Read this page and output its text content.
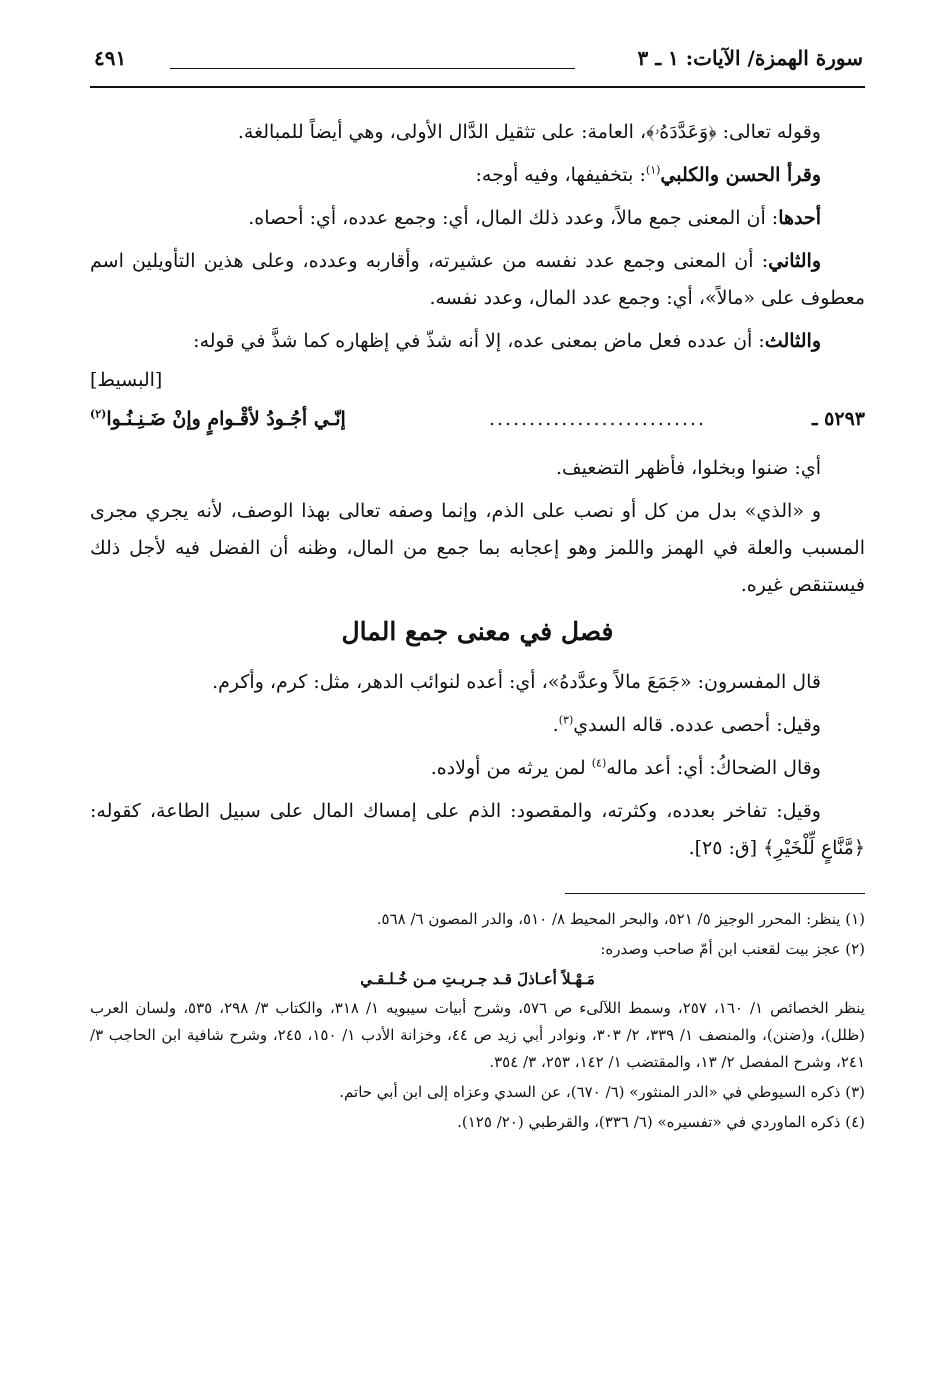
سورة الهمزة/ الآيات: ١ ـ ٣
٤٩١

وقوله تعالى: ﴿وَعَدَّدَهُۥ﴾، العامة: على تثقيل الدَّال الأولى، وهي أيضاً للمبالغة.

وقرأ الحسن والكلبي$^{(١)}$: بتخفيفها، وفيه أوجه:

أحدها: أن المعنى جمع مالاً، وعدد ذلك المال، أي: وجمع عدده، أي: أحصاه.

والثاني: أن المعنى وجمع عدد نفسه من عشيرته، وأقاربه وعدده، وعلى هذين التأويلين اسم معطوف على «مالاً»، أي: وجمع عدد المال، وعدد نفسه.

والثالث: أن عدده فعل ماض بمعنى عده، إلا أنه شذّ في إظهاره كما شذَّ في قوله:

[البسيط]
٥٢٩٣ ـ
...........................
إنّـي أجُـودُ لأقْـوامٍ وإنْ ضَـنِـنُـوا$^{(٢)}$

أي: ضنوا وبخلوا، فأظهر التضعيف.

و «الذي» بدل من كل أو نصب على الذم، وإنما وصفه تعالى بهذا الوصف، لأنه يجري مجرى المسبب والعلة في الهمز واللمز وهو إعجابه بما جمع من المال، وظنه أن الفضل فيه لأجل ذلك فيستنقص غيره.

فصل في معنى جمع المال

قال المفسرون: «جَمَعَ مالاً وعدَّدهُ»، أي: أعده لنوائب الدهر، مثل: كرم، وأكرم.

وقيل: أحصى عدده. قاله السدي$^{(٣)}$.

وقال الضحاكُ: أي: أعد ماله$^{(٤)}$ لمن يرثه من أولاده.

وقيل: تفاخر بعدده، وكثرته، والمقصود: الذم على إمساك المال على سبيل الطاعة، كقوله: ﴿مَّنَّاعٍ لِّلْخَيْرِ﴾ [ق: ٢٥].

(١) ينظر: المحرر الوجيز ٥/ ٥٢١، والبحر المحيط ٨/ ٥١٠، والدر المصون ٦/ ٥٦٨.

(٢) عجز بيت لقعنب ابن أمّ صاحب وصدره:

مَـهْـلاً أعـاذلَ قـد جـربـتِ مـن خُـلـقـي

ينظر الخصائص ١/ ١٦٠، ٢٥٧، وسمط اللآلىء ص ٥٧٦، وشرح أبيات سيبويه ١/ ٣١٨، والكتاب ٣/ ٢٩٨، ٥٣٥، ولسان العرب (ظلل)، و(ضنن)، والمنصف ١/ ٣٣٩، ٢/ ٣٠٣، ونوادر أبي زيد ص ٤٤، وخزانة الأدب ١/ ١٥٠، ٢٤٥، وشرح شافية ابن الحاجب ٣/ ٢٤١، وشرح المفصل ٢/ ١٣، والمقتضب ١/ ١٤٢، ٢٥٣، ٣/ ٣٥٤.

(٣) ذكره السيوطي في «الدر المنثور» (٦/ ٦٧٠)، عن السدي وعزاه إلى ابن أبي حاتم.

(٤) ذكره الماوردي في «تفسيره» (٦/ ٣٣٦)، والقرطبي (٢٠/ ١٢٥).
